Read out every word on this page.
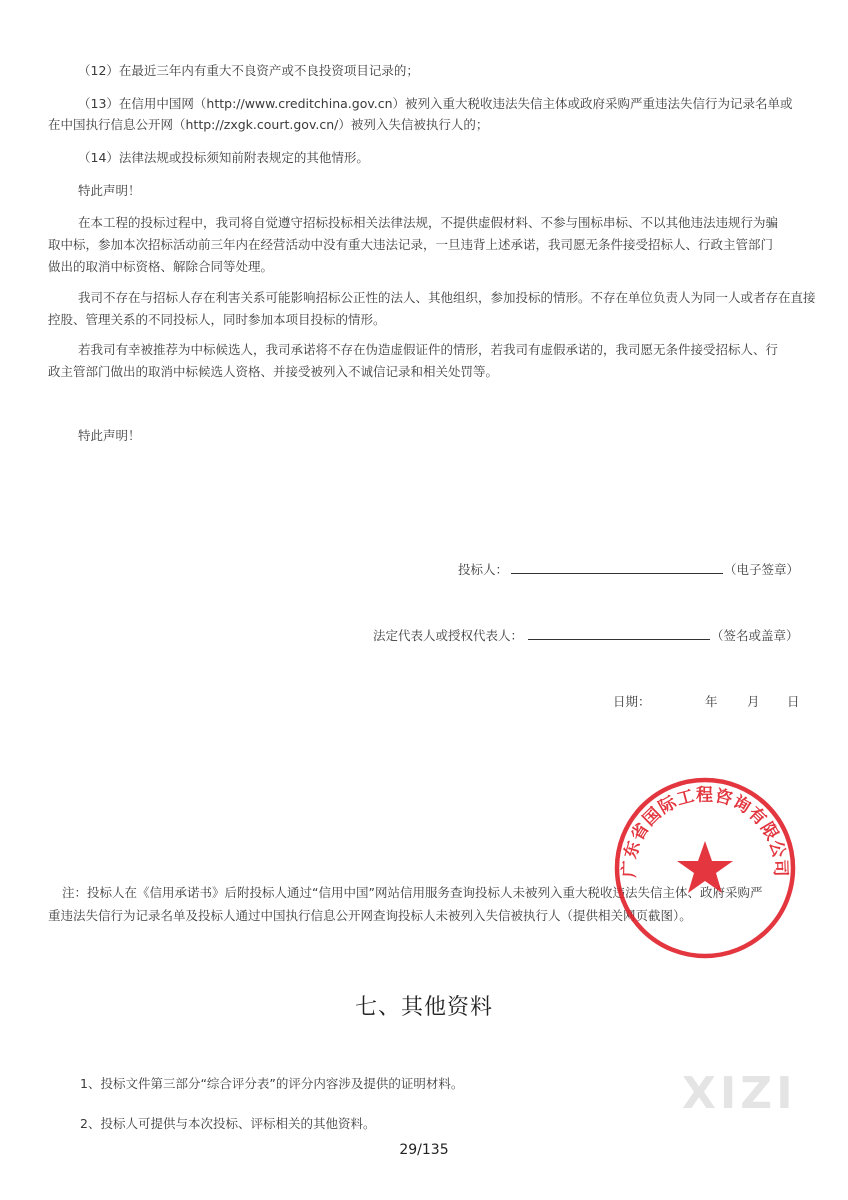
（12）在最近三年内有重大不良资产或不良投资项目记录的；
（13）在信用中国网（http://www.creditchina.gov.cn）被列入重大税收违法失信主体或政府采购严重违法失信行为记录名单或
在中国执行信息公开网（http://zxgk.court.gov.cn/）被列入失信被执行人的；
（14）法律法规或投标须知前附表规定的其他情形。
特此声明！
在本工程的投标过程中，我司将自觉遵守招标投标相关法律法规，不提供虚假材料、不参与围标串标、不以其他违法违规行为骗
取中标，参加本次招标活动前三年内在经营活动中没有重大违法记录，一旦违背上述承诺，我司愿无条件接受招标人、行政主管部门
做出的取消中标资格、解除合同等处理。
我司不存在与招标人存在利害关系可能影响招标公正性的法人、其他组织，参加投标的情形。不存在单位负责人为同一人或者存在直接
控股、管理关系的不同投标人，同时参加本项目投标的情形。
若我司有幸被推荐为中标候选人，我司承诺将不存在伪造虚假证件的情形，若我司有虚假承诺的，我司愿无条件接受招标人、行
政主管部门做出的取消中标候选人资格、并接受被列入不诚信记录和相关处罚等。
特此声明！
投标人：	（电子签章）
法定代表人或授权代表人：	（签名或盖章）
日期：	年 月 日
注：投标人在《信用承诺书》后附投标人通过“信用中国”网站信用服务查询投标人未被列入重大税收违法失信主体、政府采购严
重违法失信行为记录名单及投标人通过中国执行信息公开网查询投标人未被列入失信被执行人（提供相关网页截图）。
广东省国际工程咨询有限公司
七、其他资料
1、投标文件第三部分“综合评分表”的评分内容涉及提供的证明材料。
2、投标人可提供与本次投标、评标相关的其他资料。
XIZI
29/135
